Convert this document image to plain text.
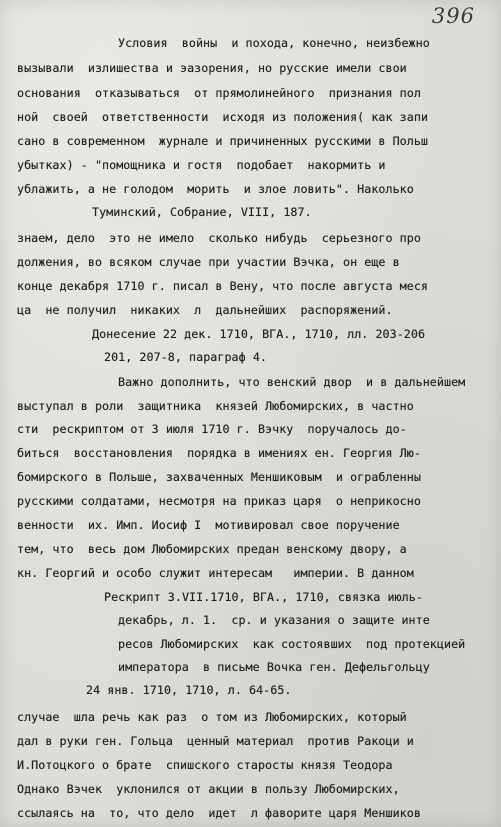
396
Условия  войны  и похода, конечно, неизбежно
вызывали  излишества и эазорения, но русские имели свои
основания  отказываться  от прямолинейного  признания пол
ной  своей  ответственности  исходя из положения( как запи
сано в современном  журнале и причиненных русскими в Польш
убытках) - "помощника и гостя  подобает  накормить и
ублажить, а не голодом  морить  и злое ловить". Наколько
Туминский, Собрание, VIII, 187.
знаем, дело  это не имело  сколько нибудь  серьезного про
должения, во всяком случае при участии Вэчка, он еще в
конце декабря 1710 г. писал в Вену, что после августа меся
ца  не получил  никаких  л  дальнейших  распоряжений.
Донесение 22 дек. 1710, ВГА., 1710, лл. 203-206
201, 207-8, параграф 4.
Важно дополнить, что венский двор  и в дальнейшем
выступал в роли  защитника  князей Любомирских, в частно
сти  рескриптом от 3 июля 1710 г. Вэчку  поручалось до-
биться  восстановления  порядка в имениях ен. Георгия Лю-
бомирского в Польше, захваченных Меншиковым  и ограбленны
русскими солдатами, несмотря на приказ царя  о неприкосно
венности  их. Имп. Иосиф I  мотивировал свое поручение
тем, что  весь дом Любомирских предан венскому двору, а
кн. Георгий и особо служит интересам   империи. В данном
Рескрипт 3.VII.1710, ВГА., 1710, связка июль-
декабрь, л. 1.  ср. и указания о защите инте
ресов Любомирских  как состоявших  под протекцией
императора  в письме Вочка ген. Дефельгольцу
24 янв. 1710, 1710, л. 64-65.
случае  шла речь как раз  о том из Любомирских, который
дал в руки ген. Гольца  ценный материал  против Ракоци и
И.Потоцкого о брате  спишского старосты князя Теодора
Однако Вэчек  уклонился от акции в пользу Любомирских,
ссылаясь на  то, что дело  идет  л фаворите царя Меншиков
